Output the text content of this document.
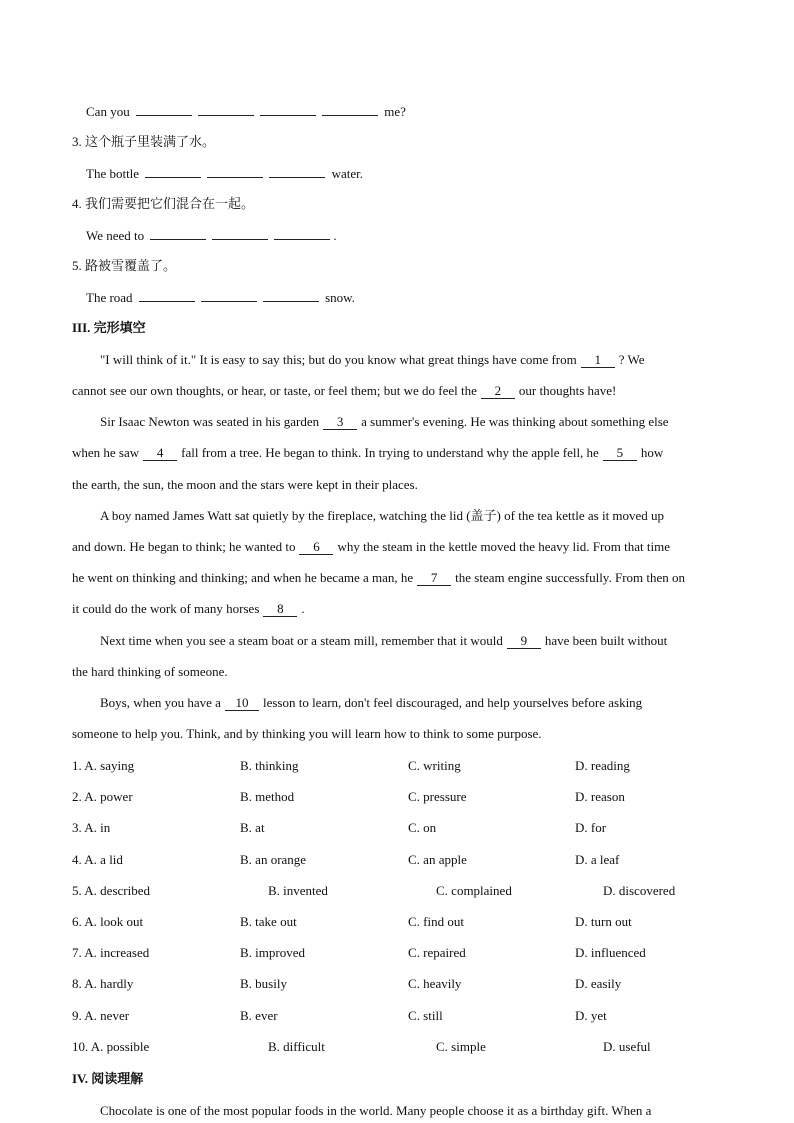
Can you	me?
3. 这个瓶子里装满了水。
The bottle	water.
4. 我们需要把它们混合在一起。
We need to	.
5. 路被雪覆盖了。
The road	snow.
III. 完形填空
"I will think of it." It is easy to say this; but do you know what great things have come from 1 ? We
cannot see our own thoughts, or hear, or taste, or feel them; but we do feel the 2 our thoughts have!
Sir Isaac Newton was seated in his garden 3 a summer's evening. He was thinking about something else
when he saw 4 fall from a tree. He began to think. In trying to understand why the apple fell, he 5 how
the earth, the sun, the moon and the stars were kept in their places.
A boy named James Watt sat quietly by the fireplace, watching the lid (盖子) of the tea kettle as it moved up
and down. He began to think; he wanted to 6 why the steam in the kettle moved the heavy lid. From that time
he went on thinking and thinking; and when he became a man, he 7 the steam engine successfully. From then on
it could do the work of many horses 8 .
Next time when you see a steam boat or a steam mill, remember that it would 9 have been built without
the hard thinking of someone.
Boys, when you have a 10 lesson to learn, don't feel discouraged, and help yourselves before asking
someone to help you. Think, and by thinking you will learn how to think to some purpose.
1. A. saying	B. thinking	C. writing	D. reading
2. A. power	B. method	C. pressure	D. reason
3. A. in	B. at	C. on	D. for
4. A. a lid	B. an orange	C. an apple	D. a leaf
5. A. described	B. invented	C. complained	D. discovered
6. A. look out	B. take out	C. find out	D. turn out
7. A. increased	B. improved	C. repaired	D. influenced
8. A. hardly	B. busily	C. heavily	D. easily
9. A. never	B. ever	C. still	D. yet
10. A. possible	B. difficult	C. simple	D. useful
IV. 阅读理解
Chocolate is one of the most popular foods in the world. Many people choose it as a birthday gift. When a
